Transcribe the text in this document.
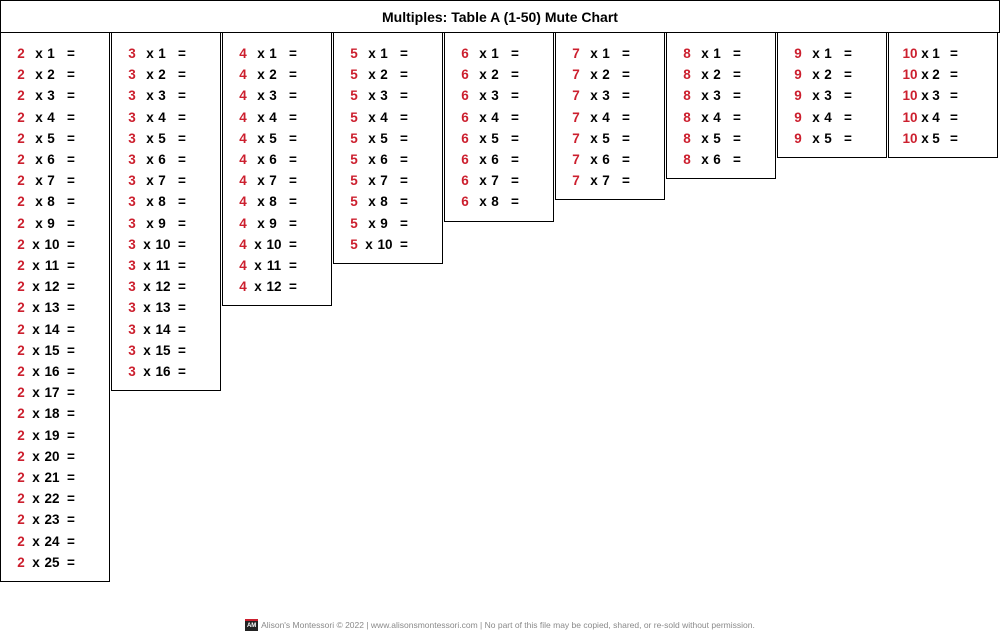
Multiples: Table A (1-50) Mute Chart
2 x 1 =
2 x 2 =
2 x 3 =
2 x 4 =
2 x 5 =
2 x 6 =
2 x 7 =
2 x 8 =
2 x 9 =
2 x 10 =
2 x 11 =
2 x 12 =
2 x 13 =
2 x 14 =
2 x 15 =
2 x 16 =
2 x 17 =
2 x 18 =
2 x 19 =
2 x 20 =
2 x 21 =
2 x 22 =
2 x 23 =
2 x 24 =
2 x 25 =
3 x 1 =
3 x 2 =
3 x 3 =
3 x 4 =
3 x 5 =
3 x 6 =
3 x 7 =
3 x 8 =
3 x 9 =
3 x 10 =
3 x 11 =
3 x 12 =
3 x 13 =
3 x 14 =
3 x 15 =
3 x 16 =
4 x 1 =
4 x 2 =
4 x 3 =
4 x 4 =
4 x 5 =
4 x 6 =
4 x 7 =
4 x 8 =
4 x 9 =
4 x 10 =
4 x 11 =
4 x 12 =
5 x 1 =
5 x 2 =
5 x 3 =
5 x 4 =
5 x 5 =
5 x 6 =
5 x 7 =
5 x 8 =
5 x 9 =
5 x 10 =
6 x 1 =
6 x 2 =
6 x 3 =
6 x 4 =
6 x 5 =
6 x 6 =
6 x 7 =
6 x 8 =
7 x 1 =
7 x 2 =
7 x 3 =
7 x 4 =
7 x 5 =
7 x 6 =
7 x 7 =
8 x 1 =
8 x 2 =
8 x 3 =
8 x 4 =
8 x 5 =
8 x 6 =
9 x 1 =
9 x 2 =
9 x 3 =
9 x 4 =
9 x 5 =
10 x 1 =
10 x 2 =
10 x 3 =
10 x 4 =
10 x 5 =
AM Alison's Montessori © 2022 | www.alisonsmontessori.com | No part of this file may be copied, shared, or re-sold without permission.
